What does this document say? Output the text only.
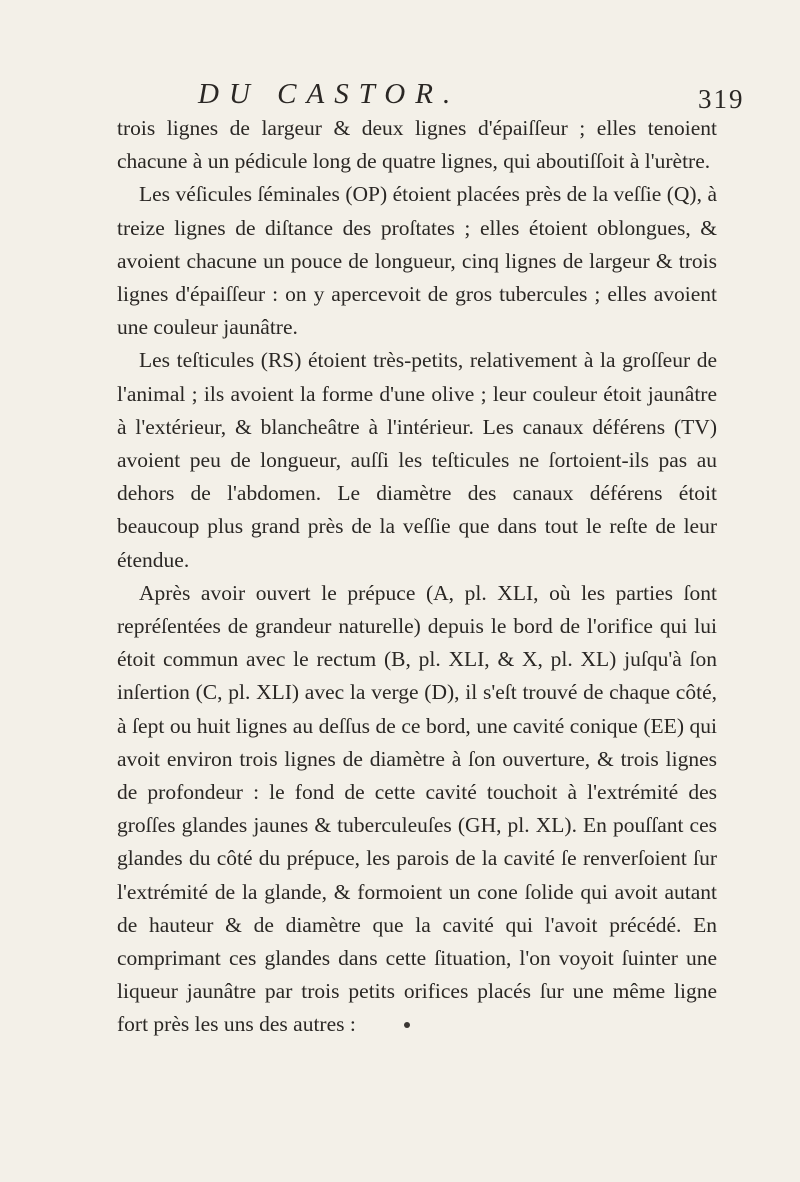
DU CASTOR.	319

trois lignes de largeur & deux lignes d'épaiſſeur ; elles tenoient chacune à un pédicule long de quatre lignes, qui aboutiſſoit à l'urètre.

Les véſicules ſéminales (OP) étoient placées près de la veſſie (Q), à treize lignes de diſtance des proſtates ; elles étoient oblongues, & avoient chacune un pouce de longueur, cinq lignes de largeur & trois lignes d'épaiſſeur : on y apercevoit de gros tubercules ; elles avoient une couleur jaunâtre.

Les teſticules (RS) étoient très-petits, relativement à la groſſeur de l'animal ; ils avoient la forme d'une olive ; leur couleur étoit jaunâtre à l'extérieur, & blancheâtre à l'intérieur. Les canaux déférens (TV) avoient peu de longueur, auſſi les teſticules ne ſortoient-ils pas au dehors de l'abdomen. Le diamètre des canaux déférens étoit beaucoup plus grand près de la veſſie que dans tout le reſte de leur étendue.

Après avoir ouvert le prépuce (A, pl. XLI, où les parties ſont repréſentées de grandeur naturelle) depuis le bord de l'orifice qui lui étoit commun avec le rectum (B, pl. XLI, & X, pl. XL) juſqu'à ſon inſertion (C, pl. XLI) avec la verge (D), il s'eſt trouvé de chaque côté, à ſept ou huit lignes au deſſus de ce bord, une cavité conique (EE) qui avoit environ trois lignes de diamètre à ſon ouverture, & trois lignes de profondeur : le fond de cette cavité touchoit à l'extrémité des groſſes glandes jaunes & tuberculeuſes (GH, pl. XL). En pouſſant ces glandes du côté du prépuce, les parois de la cavité ſe renverſoient ſur l'extrémité de la glande, & formoient un cone ſolide qui avoit autant de hauteur & de diamètre que la cavité qui l'avoit précédé. En comprimant ces glandes dans cette ſituation, l'on voyoit ſuinter une liqueur jaunâtre par trois petits orifices placés ſur une même ligne fort près les uns des autres :
